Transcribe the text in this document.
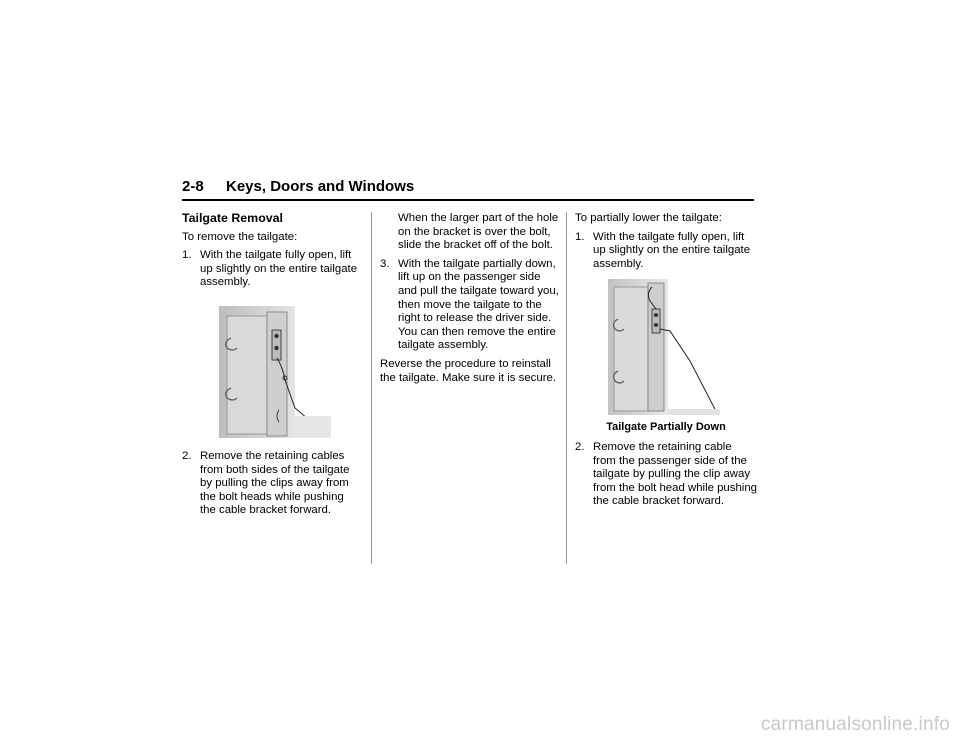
2-8 Keys, Doors and Windows
Tailgate Removal

To remove the tailgate:

1. With the tailgate fully open, lift up slightly on the entire tailgate assembly.
2. Remove the retaining cables from both sides of the tailgate by pulling the clips away from the bolt heads while pushing the cable bracket forward.
When the larger part of the hole on the bracket is over the bolt, slide the bracket off of the bolt.
3. With the tailgate partially down, lift up on the passenger side and pull the tailgate toward you, then move the tailgate to the right to release the driver side. You can then remove the entire tailgate assembly.

Reverse the procedure to reinstall the tailgate. Make sure it is secure.

To partially lower the tailgate:

1. With the tailgate fully open, lift up slightly on the entire tailgate assembly.
Tailgate Partially Down
2. Remove the retaining cable from the passenger side of the tailgate by pulling the clip away from the bolt head while pushing the cable bracket forward.
carmanualsonline.info
